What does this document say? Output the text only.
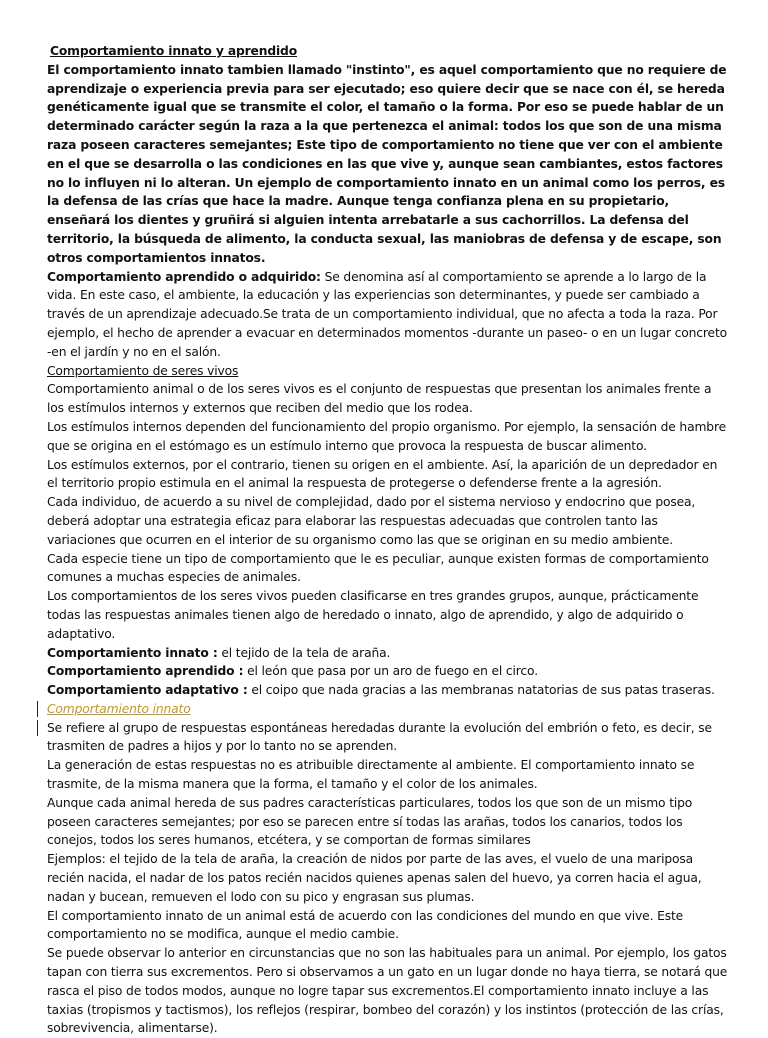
Comportamiento innato y aprendido

El comportamiento innato tambien llamado "instinto", es aquel comportamiento que no requiere de aprendizaje o experiencia previa para ser ejecutado; eso quiere decir que se nace con él, se hereda genéticamente igual que se transmite el color, el tamaño o la forma. Por eso se puede hablar de un determinado carácter según la raza a la que pertenezca el animal: todos los que son de una misma raza poseen caracteres semejantes; Este tipo de comportamiento no tiene que ver con el ambiente en el que se desarrolla o las condiciones en las que vive y, aunque sean cambiantes, estos factores no lo influyen ni lo alteran. Un ejemplo de comportamiento innato en un animal como los perros, es la defensa de las crías que hace la madre. Aunque tenga confianza plena en su propietario, enseñará los dientes y gruñirá si alguien intenta arrebatarle a sus cachorrillos. La defensa del territorio, la búsqueda de alimento, la conducta sexual, las maniobras de defensa y de escape, son otros comportamientos innatos.

Comportamiento aprendido o adquirido: Se denomina así al comportamiento se aprende a lo largo de la vida. En este caso, el ambiente, la educación y las experiencias son determinantes, y puede ser cambiado a través de un aprendizaje adecuado.Se trata de un comportamiento individual, que no afecta a toda la raza. Por ejemplo, el hecho de aprender a evacuar en determinados momentos -durante un paseo- o en un lugar concreto -en el jardín y no en el salón.

Comportamiento de seres vivos

Comportamiento animal o de los seres vivos es el conjunto de respuestas que presentan los animales frente a los estímulos internos y externos que reciben del medio que los rodea.

Los estímulos internos dependen del funcionamiento del propio organismo. Por ejemplo, la sensación de hambre que se origina en el estómago es un estímulo interno que provoca la respuesta de buscar alimento.

Los estímulos externos, por el contrario, tienen su origen en el ambiente. Así, la aparición de un depredador en el territorio propio estimula en el animal la respuesta de protegerse o defenderse frente a la agresión.

Cada individuo, de acuerdo a su nivel de complejidad, dado por el sistema nervioso y endocrino que posea, deberá adoptar una estrategia eficaz para elaborar las respuestas adecuadas que controlen tanto las variaciones que ocurren en el interior de su organismo como las que se originan en su medio ambiente.

Cada especie tiene un tipo de comportamiento que le es peculiar, aunque existen formas de comportamiento comunes a muchas especies de animales.

Los comportamientos de los seres vivos pueden clasificarse en tres grandes grupos, aunque, prácticamente todas las respuestas animales tienen algo de heredado o innato, algo de aprendido, y algo de adquirido o adaptativo.

Comportamiento innato : el tejido de la tela de araña.

Comportamiento aprendido : el león que pasa por un aro de fuego en el circo.

Comportamiento adaptativo : el coipo que nada gracias a las membranas natatorias de sus patas traseras.

Comportamiento innato

Se refiere al grupo de respuestas espontáneas heredadas durante la evolución del embrión o feto, es decir, se trasmiten de padres a hijos y por lo tanto no se aprenden.

La generación de estas respuestas no es atribuible directamente al ambiente. El comportamiento innato se trasmite, de la misma manera que la forma, el tamaño y el color de los animales.

Aunque cada animal hereda de sus padres características particulares, todos los que son de un mismo tipo poseen caracteres semejantes; por eso se parecen entre sí todas las arañas, todos los canarios, todos los conejos, todos los seres humanos, etcétera, y se comportan de formas similares

Ejemplos: el tejido de la tela de araña, la creación de nidos por parte de las aves, el vuelo de una mariposa recién nacida, el nadar de los patos recién nacidos quienes apenas salen del huevo, ya corren hacia el agua, nadan y bucean, remueven el lodo con su pico y engrasan sus plumas.

El comportamiento innato de un animal está de acuerdo con las condiciones del mundo en que vive. Este comportamiento no se modifica, aunque el medio cambie.

Se puede observar lo anterior en circunstancias que no son las habituales para un animal. Por ejemplo, los gatos tapan con tierra sus excrementos. Pero si observamos a un gato en un lugar donde no haya tierra, se notará que rasca el piso de todos modos, aunque no logre tapar sus excrementos.El comportamiento innato incluye a las taxias (tropismos y tactismos), los reflejos (respirar, bombeo del corazón) y los instintos (protección de las crías, sobrevivencia, alimentarse).
